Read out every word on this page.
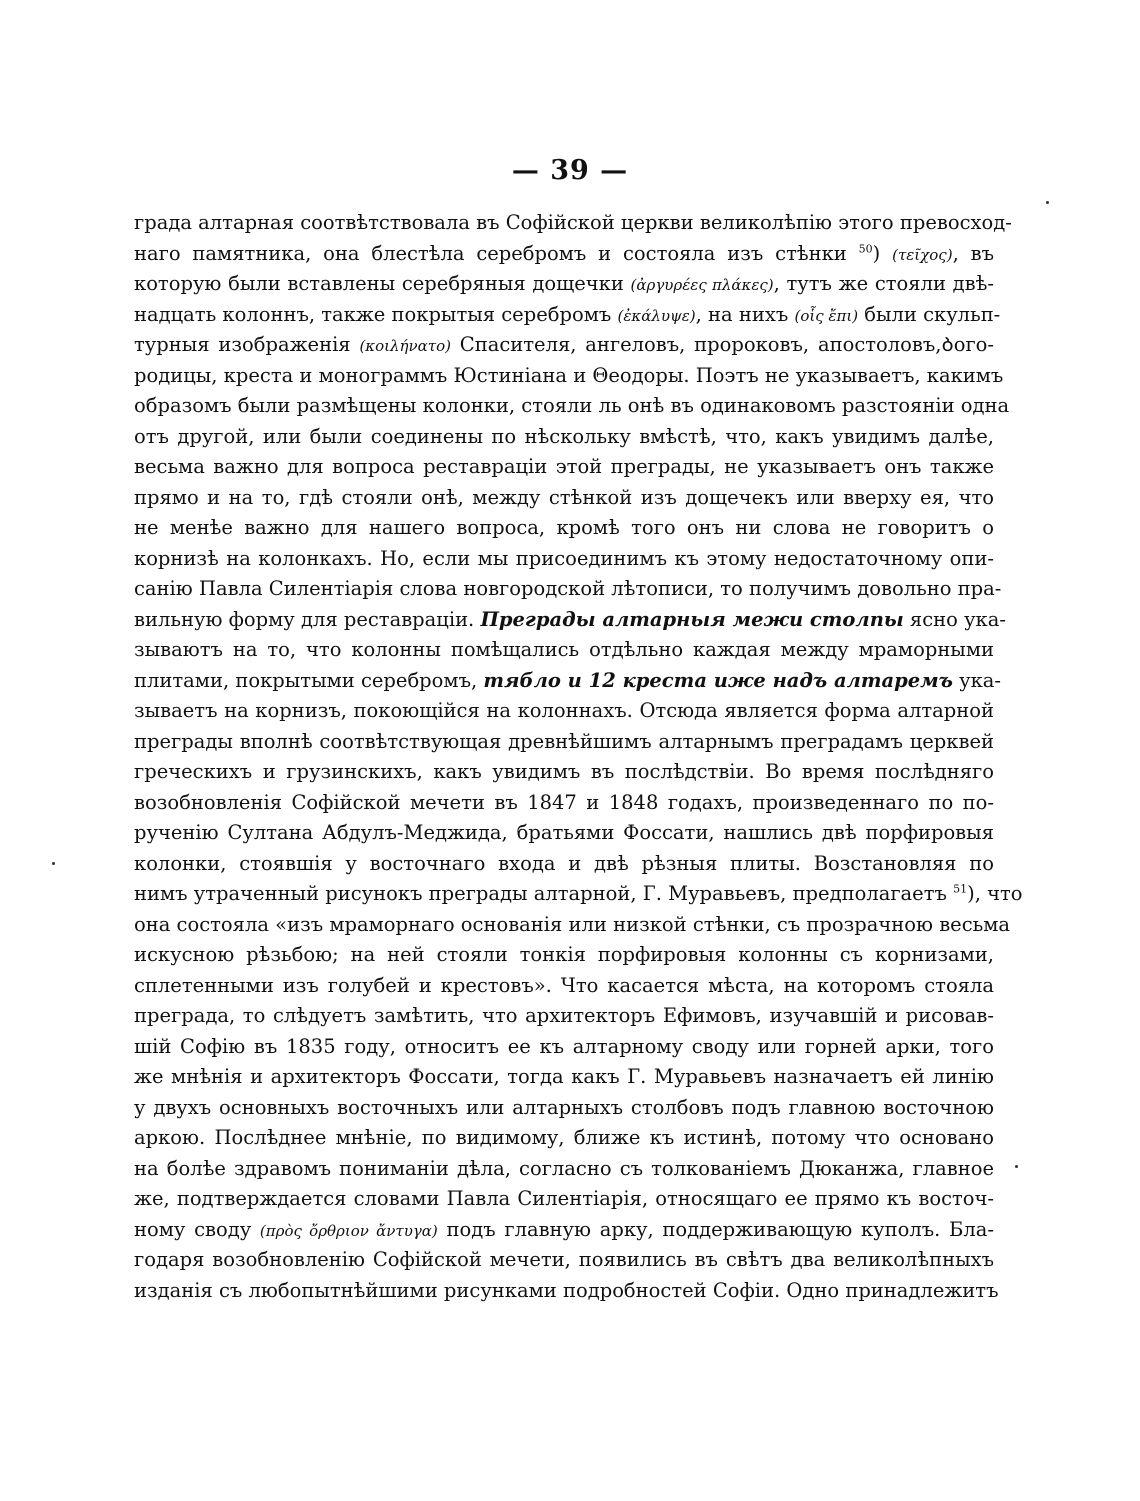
— 39 —
града алтарная соотвѣтствовала въ Софійской церкви великолѣпію этого превосход-
наго памятника, она блестѣла серебромъ и состояла изъ стѣнки $^{50}$) (τεῖχος), въ
которую были вставлены серебряныя дощечки (ἀργυρέες πλάκες), тутъ же стояли двѣ-
надцать колоннъ, также покрытыя серебромъ (ἐκάλυψε), на нихъ (οἷς ἔπι) были скульп-
турныя изображенія (κοιλήνατο) Спасителя, ангеловъ, пророковъ, апостоловъ,Ბого-
родицы, креста и монограммъ Юстиніана и Θеодоры. Поэтъ не указываетъ, какимъ
образомъ были размѣщены колонки, стояли ль онѣ въ одинаковомъ разстояніи одна
отъ другой, или были соединены по нѣскольку вмѣстѣ, что, какъ увидимъ далѣе,
весьма важно для вопроса реставраціи этой преграды, не указываетъ онъ также
прямо и на то, гдѣ стояли онѣ, между стѣнкой изъ дощечекъ или вверху ея, что
не менѣе важно для нашего вопроса, кромѣ того онъ ни слова не говоритъ о
корнизѣ на колонкахъ. Но, если мы присоединимъ къ этому недостаточному опи-
санію Павла Силентіарія слова новгородской лѣтописи, то получимъ довольно пра-
вильную форму для реставраціи. Преграды алтарныя межи столпы ясно ука-
зываютъ на то, что колонны помѣщались отдѣльно каждая между мраморными
плитами, покрытыми серебромъ, тябло и 12 креста иже надъ алтаремъ ука-
зываетъ на корнизъ, покоющійся на колоннахъ. Отсюда является форма алтарной
преграды вполнѣ соотвѣтствующая древнѣйшимъ алтарнымъ преградамъ церквей
греческихъ и грузинскихъ, какъ увидимъ въ послѣдствіи. Во время послѣдняго
возобновленія Софійской мечети въ 1847 и 1848 годахъ, произведеннаго по по-
рученію Султана Абдулъ-Меджида, братьями Фоссати, нашлись двѣ порфировыя
колонки, стоявшія у восточнаго входа и двѣ рѣзныя плиты. Возстановляя по
нимъ утраченный рисунокъ преграды алтарной, Г. Муравьевъ, предполагаетъ $^{51}$), что
она состояла «изъ мраморнаго основанія или низкой стѣнки, съ прозрачною весьма
искусною рѣзьбою; на ней стояли тонкія порфировыя колонны съ корнизами,
сплетенными изъ голубей и крестовъ». Что касается мѣста, на которомъ стояла
преграда, то слѣдуетъ замѣтить, что архитекторъ Ефимовъ, изучавшій и рисовав-
шій Софію въ 1835 году, относитъ ее къ алтарному своду или горней арки, того
же мнѣнія и архитекторъ Фоссати, тогда какъ Г. Муравьевъ назначаетъ ей линію
у двухъ основныхъ восточныхъ или алтарныхъ столбовъ подъ главною восточною
аркою. Послѣднее мнѣніе, по видимому, ближе къ истинѣ, потому что основано
на болѣе здравомъ пониманіи дѣла, согласно съ толкованіемъ Дюканжа, главное
же, подтверждается словами Павла Силентіарія, относящаго ее прямо къ восточ-
ному своду (πρὸς ὄρθριον ἄντυγα) подъ главную арку, поддерживающую куполъ. Бла-
годаря возобновленію Софійской мечети, появились въ свѣтъ два великолѣпныхъ
изданія съ любопытнѣйшими рисунками подробностей Софіи. Одно принадлежитъ
